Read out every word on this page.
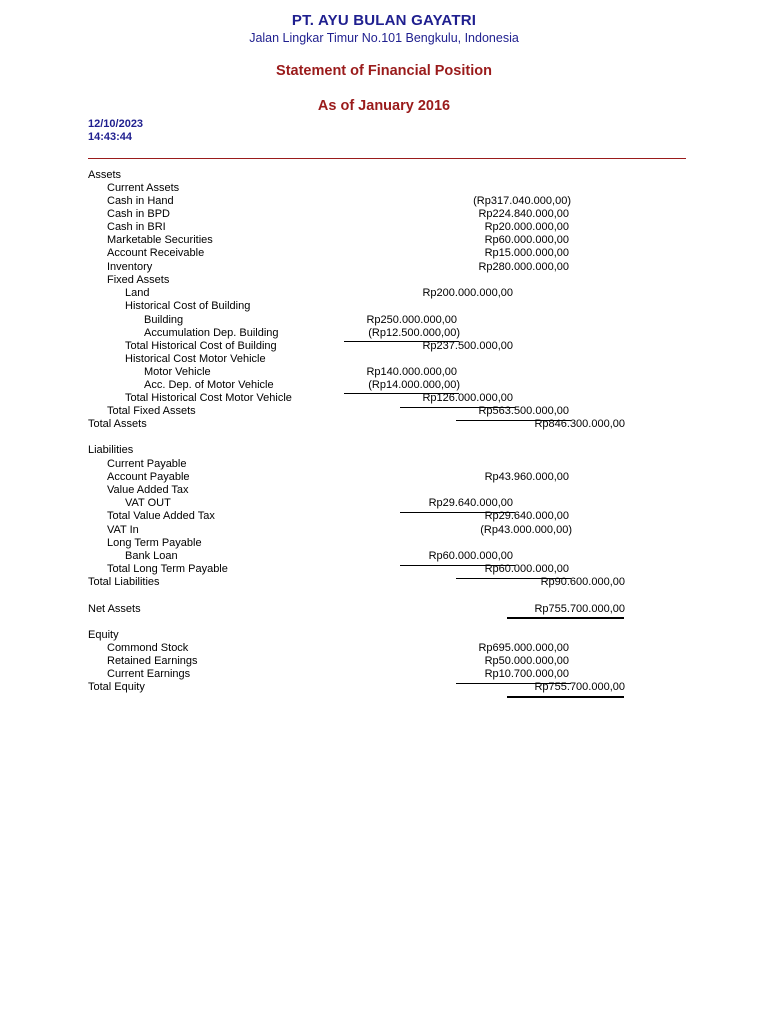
PT. AYU BULAN GAYATRI
Jalan Lingkar Timur No.101 Bengkulu, Indonesia
Statement of Financial Position
As of January 2016
12/10/2023
14:43:44
Assets
Current Assets
Cash in Hand	(Rp317.040.000,00)
Cash in BPD	Rp224.840.000,00
Cash in BRI	Rp20.000.000,00
Marketable Securities	Rp60.000.000,00
Account Receivable	Rp15.000.000,00
Inventory	Rp280.000.000,00
Fixed Assets
Land	Rp200.000.000,00
Historical Cost of Building
Building	Rp250.000.000,00
Accumulation Dep. Building	(Rp12.500.000,00)
Total Historical Cost of Building	Rp237.500.000,00
Historical Cost Motor Vehicle
Motor Vehicle	Rp140.000.000,00
Acc. Dep. of Motor Vehicle	(Rp14.000.000,00)
Total Historical Cost Motor Vehicle	Rp126.000.000,00
Total Fixed Assets	Rp563.500.000,00
Total Assets	Rp846.300.000,00
Liabilities
Current Payable
Account Payable	Rp43.960.000,00
Value Added Tax
VAT OUT	Rp29.640.000,00
Total Value Added Tax	Rp29.640.000,00
VAT In	(Rp43.000.000,00)
Long Term Payable
Bank Loan	Rp60.000.000,00
Total Long Term Payable	Rp60.000.000,00
Total Liabilities	Rp90.600.000,00
Net Assets	Rp755.700.000,00
Equity
Commond Stock	Rp695.000.000,00
Retained Earnings	Rp50.000.000,00
Current Earnings	Rp10.700.000,00
Total Equity	Rp755.700.000,00
